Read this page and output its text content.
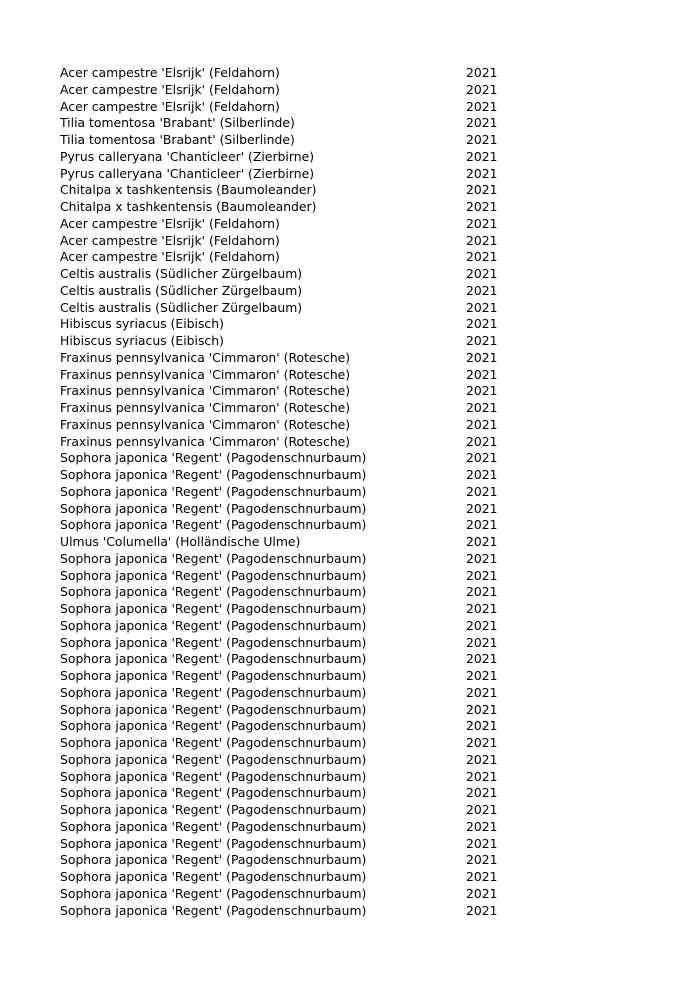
Acer campestre 'Elsrijk' (Feldahorn)	2021
Acer campestre 'Elsrijk' (Feldahorn)	2021
Acer campestre 'Elsrijk' (Feldahorn)	2021
Tilia tomentosa 'Brabant' (Silberlinde)	2021
Tilia tomentosa 'Brabant' (Silberlinde)	2021
Pyrus calleryana 'Chanticleer' (Zierbirne)	2021
Pyrus calleryana 'Chanticleer' (Zierbirne)	2021
Chitalpa x tashkentensis (Baumoleander)	2021
Chitalpa x tashkentensis (Baumoleander)	2021
Acer campestre 'Elsrijk' (Feldahorn)	2021
Acer campestre 'Elsrijk' (Feldahorn)	2021
Acer campestre 'Elsrijk' (Feldahorn)	2021
Celtis australis (Südlicher Zürgelbaum)	2021
Celtis australis (Südlicher Zürgelbaum)	2021
Celtis australis (Südlicher Zürgelbaum)	2021
Hibiscus syriacus (Eibisch)	2021
Hibiscus syriacus (Eibisch)	2021
Fraxinus pennsylvanica 'Cimmaron' (Rotesche)	2021
Fraxinus pennsylvanica 'Cimmaron' (Rotesche)	2021
Fraxinus pennsylvanica 'Cimmaron' (Rotesche)	2021
Fraxinus pennsylvanica 'Cimmaron' (Rotesche)	2021
Fraxinus pennsylvanica 'Cimmaron' (Rotesche)	2021
Fraxinus pennsylvanica 'Cimmaron' (Rotesche)	2021
Sophora japonica 'Regent' (Pagodenschnurbaum)	2021
Sophora japonica 'Regent' (Pagodenschnurbaum)	2021
Sophora japonica 'Regent' (Pagodenschnurbaum)	2021
Sophora japonica 'Regent' (Pagodenschnurbaum)	2021
Sophora japonica 'Regent' (Pagodenschnurbaum)	2021
Ulmus 'Columella' (Holländische Ulme)	2021
Sophora japonica 'Regent' (Pagodenschnurbaum)	2021
Sophora japonica 'Regent' (Pagodenschnurbaum)	2021
Sophora japonica 'Regent' (Pagodenschnurbaum)	2021
Sophora japonica 'Regent' (Pagodenschnurbaum)	2021
Sophora japonica 'Regent' (Pagodenschnurbaum)	2021
Sophora japonica 'Regent' (Pagodenschnurbaum)	2021
Sophora japonica 'Regent' (Pagodenschnurbaum)	2021
Sophora japonica 'Regent' (Pagodenschnurbaum)	2021
Sophora japonica 'Regent' (Pagodenschnurbaum)	2021
Sophora japonica 'Regent' (Pagodenschnurbaum)	2021
Sophora japonica 'Regent' (Pagodenschnurbaum)	2021
Sophora japonica 'Regent' (Pagodenschnurbaum)	2021
Sophora japonica 'Regent' (Pagodenschnurbaum)	2021
Sophora japonica 'Regent' (Pagodenschnurbaum)	2021
Sophora japonica 'Regent' (Pagodenschnurbaum)	2021
Sophora japonica 'Regent' (Pagodenschnurbaum)	2021
Sophora japonica 'Regent' (Pagodenschnurbaum)	2021
Sophora japonica 'Regent' (Pagodenschnurbaum)	2021
Sophora japonica 'Regent' (Pagodenschnurbaum)	2021
Sophora japonica 'Regent' (Pagodenschnurbaum)	2021
Sophora japonica 'Regent' (Pagodenschnurbaum)	2021
Sophora japonica 'Regent' (Pagodenschnurbaum)	2021
